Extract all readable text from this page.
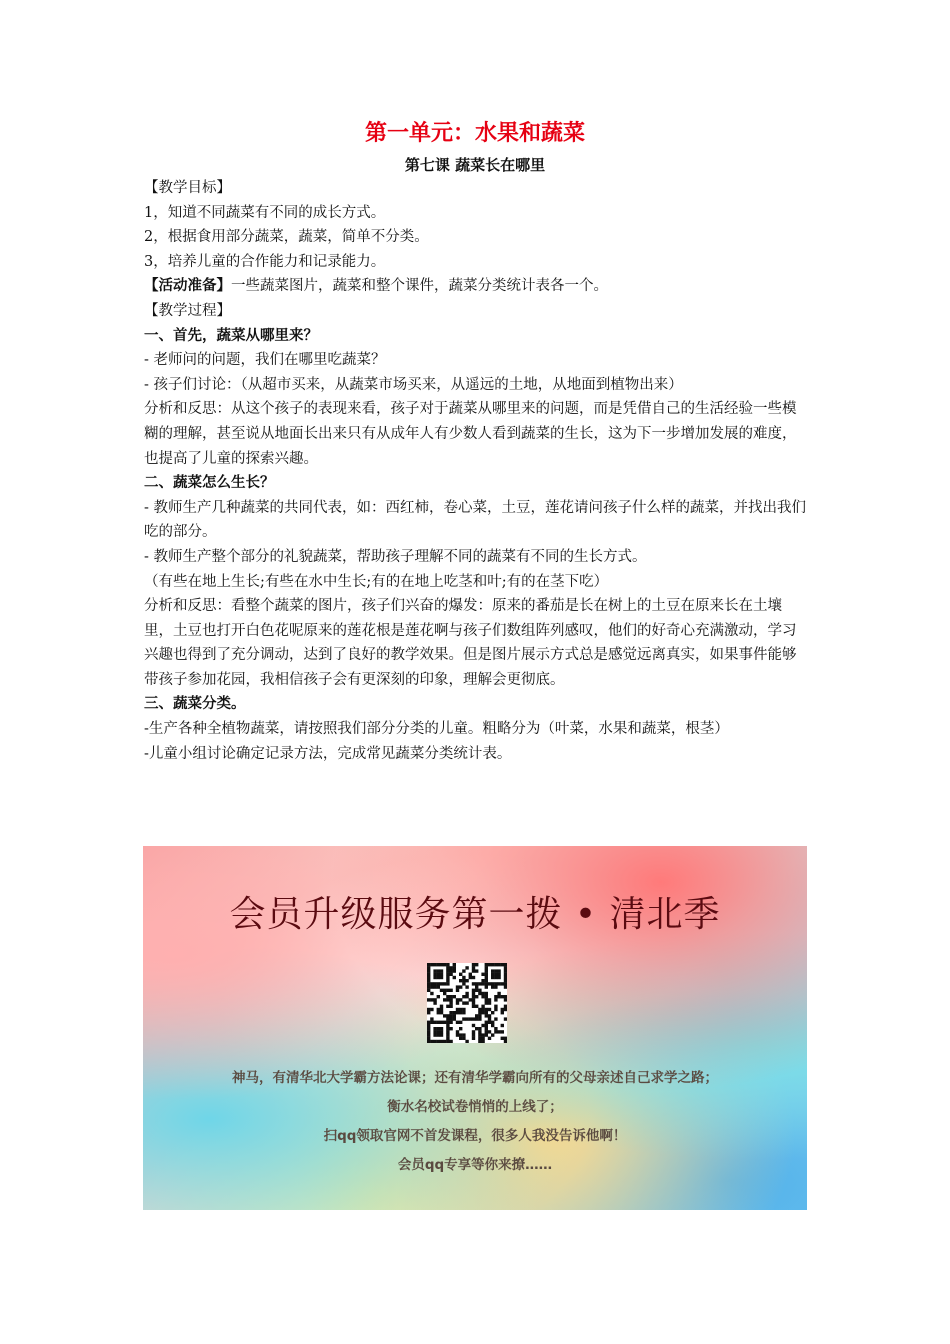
第一单元：水果和蔬菜
第七课 蔬菜长在哪里

【教学目标】

1，知道不同蔬菜有不同的成长方式。

2，根据食用部分蔬菜，蔬菜，简单不分类。

3，培养儿童的合作能力和记录能力。

【活动准备】一些蔬菜图片，蔬菜和整个课件，蔬菜分类统计表各一个。

【教学过程】

一、首先，蔬菜从哪里来？

- 老师问的问题，我们在哪里吃蔬菜？

- 孩子们讨论：（从超市买来，从蔬菜市场买来，从遥远的土地，从地面到植物出来）

分析和反思：从这个孩子的表现来看，孩子对于蔬菜从哪里来的问题，而是凭借自己的生活经验一些模糊的理解，甚至说从地面长出来只有从成年人有少数人看到蔬菜的生长，这为下一步增加发展的难度，也提高了儿童的探索兴趣。

二、蔬菜怎么生长？

- 教师生产几种蔬菜的共同代表，如：西红柿，卷心菜，土豆，莲花请问孩子什么样的蔬菜，并找出我们吃的部分。

- 教师生产整个部分的礼貌蔬菜，帮助孩子理解不同的蔬菜有不同的生长方式。

（有些在地上生长;有些在水中生长;有的在地上吃茎和叶;有的在茎下吃）

分析和反思：看整个蔬菜的图片，孩子们兴奋的爆发：原来的番茄是长在树上的土豆在原来长在土壤里，土豆也打开白色花呢原来的莲花根是莲花啊与孩子们数组阵列感叹，他们的好奇心充满激动，学习兴趣也得到了充分调动，达到了良好的教学效果。但是图片展示方式总是感觉远离真实，如果事件能够带孩子参加花园，我相信孩子会有更深刻的印象，理解会更彻底。

三、蔬菜分类。

-生产各种全植物蔬菜，请按照我们部分分类的儿童。粗略分为（叶菜，水果和蔬菜，根茎）

-儿童小组讨论确定记录方法，完成常见蔬菜分类统计表。

会员升级服务第一拨 • 清北季

神马，有清华北大学霸方法论课；还有清华学霸向所有的父母亲述自己求学之路；

衡水名校试卷悄悄的上线了；

扫qq领取官网不首发课程，很多人我没告诉他啊！

会员qq专享等你来撩……
